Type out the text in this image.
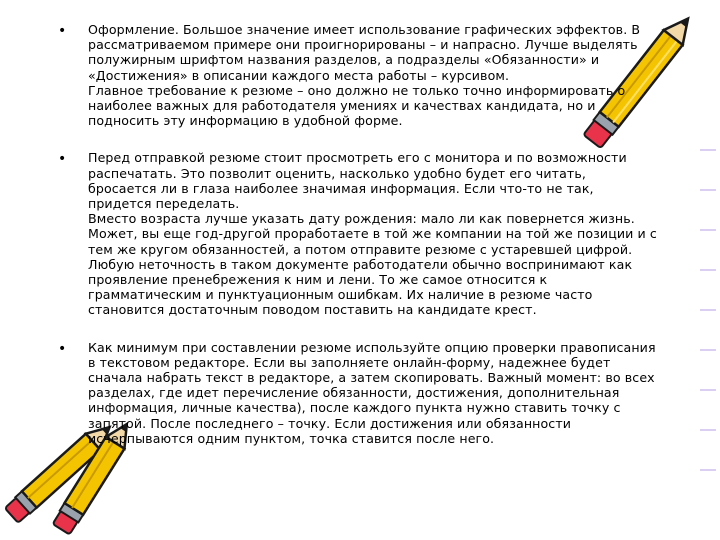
• Оформление. Большое значение имеет использование графических эффектов. В рассматриваемом примере они проигнорированы – и напрасно. Лучше выделять полужирным шрифтом названия разделов, а подразделы «Обязанности» и «Достижения» в описании каждого места работы – курсивом.

Главное требование к резюме – оно должно не только точно информировать о наиболее важных для работодателя умениях и качествах кандидата, но и подносить эту информацию в удобной форме.

• Перед отправкой резюме стоит просмотреть его с монитора и по возможности распечатать. Это позволит оценить, насколько удобно будет его читать, бросается ли в глаза наиболее значимая информация. Если что-то не так, придется переделать.

Вместо возраста лучше указать дату рождения: мало ли как повернется жизнь. Может, вы еще год-другой проработаете в той же компании на той же позиции и с тем же кругом обязанностей, а потом отправите резюме с устаревшей цифрой.

Любую неточность в таком документе работодатели обычно воспринимают как проявление пренебрежения к ним и лени. То же самое относится к грамматическим и пунктуационным ошибкам. Их наличие в резюме часто становится достаточным поводом поставить на кандидате крест.

• Как минимум при составлении резюме используйте опцию проверки правописания в текстовом редакторе. Если вы заполняете онлайн-форму, надежнее будет сначала набрать текст в редакторе, а затем скопировать. Важный момент: во всех разделах, где идет перечисление обязанности, достижения, дополнительная информация, личные качества), после каждого пункта нужно ставить точку с запятой. После последнего – точку. Если достижения или обязанности исчерпываются одним пунктом, точка ставится после него.
